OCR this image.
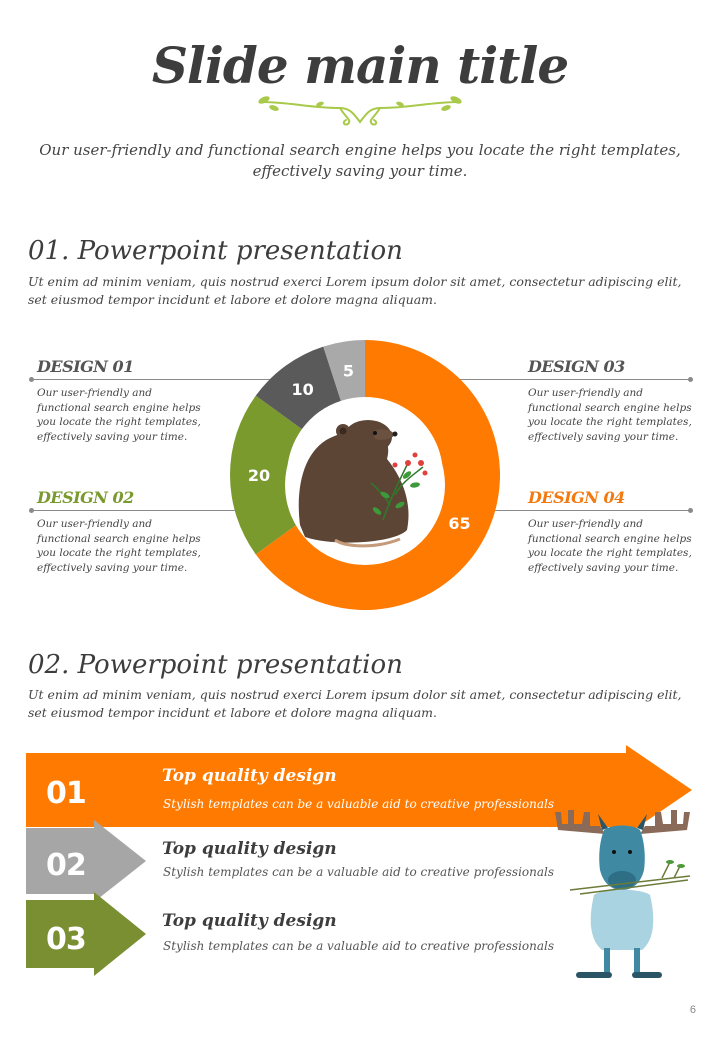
Slide main title
Our user-friendly and functional search engine helps you locate the right templates, effectively saving your time.
01. Powerpoint presentation
Ut enim ad minim veniam, quis nostrud exerci Lorem ipsum dolor sit amet, consectetur adipiscing elit, set eiusmod tempor incidunt et labore et dolore magna aliquam.
DESIGN 01
Our user-friendly and functional search engine helps you locate the right templates, effectively saving your time.
DESIGN 02
Our user-friendly and functional search engine helps you locate the right templates, effectively saving your time.
DESIGN 03
Our user-friendly and functional search engine helps you locate the right templates, effectively saving your time.
DESIGN 04
Our user-friendly and functional search engine helps you locate the right templates, effectively saving your time.
65
20
10
5
02. Powerpoint presentation
Ut enim ad minim veniam, quis nostrud exerci Lorem ipsum dolor sit amet, consectetur adipiscing elit, set eiusmod tempor incidunt et labore et dolore magna aliquam.
01	Top quality design
Stylish templates can be a valuable aid to creative professionals
02	Top quality design
Stylish templates can be a valuable aid to creative professionals
03
Top quality design
Stylish templates can be a valuable aid to creative professionals
6
